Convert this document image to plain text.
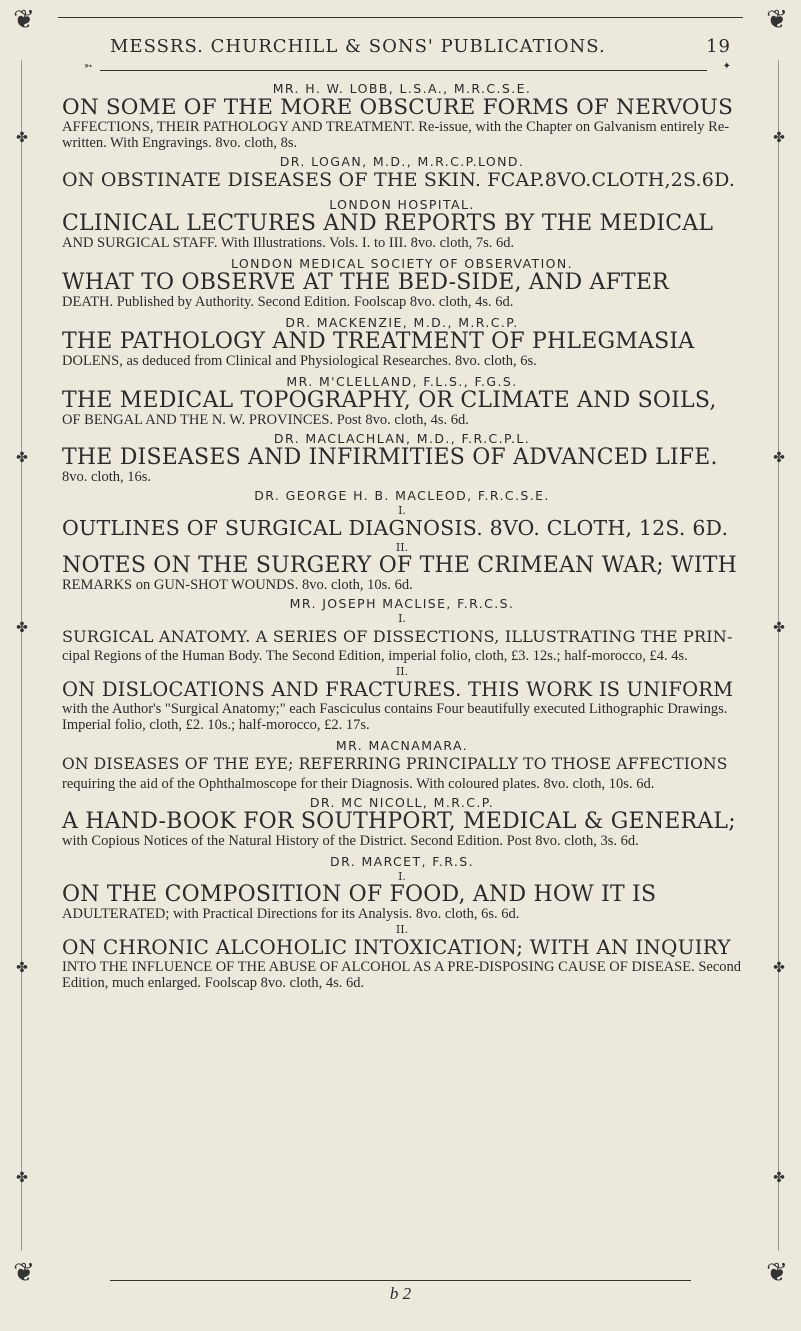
❦	❦
❦	❦
✤
✤
✤
✤
✤
✤
✤
✤
✤
✤
MESSRS. CHURCHILL & SONS' PUBLICATIONS.	19
➳	✦
MR. H. W. LOBB, L.S.A., M.R.C.S.E.
ON SOME OF THE MORE OBSCURE FORMS OF NERVOUS
AFFECTIONS, THEIR PATHOLOGY AND TREATMENT. Re-issue, with the Chapter on Galvanism entirely Re-written. With Engravings. 8vo. cloth, 8s.
DR. LOGAN, M.D., M.R.C.P.LOND.
ON OBSTINATE DISEASES OF THE SKIN. FCAP.8VO.CLOTH,2S.6D.
LONDON HOSPITAL.
CLINICAL LECTURES AND REPORTS BY THE MEDICAL
AND SURGICAL STAFF. With Illustrations. Vols. I. to III. 8vo. cloth, 7s. 6d.
LONDON MEDICAL SOCIETY OF OBSERVATION.
WHAT TO OBSERVE AT THE BED-SIDE, AND AFTER
DEATH. Published by Authority. Second Edition. Foolscap 8vo. cloth, 4s. 6d.
DR. MACKENZIE, M.D., M.R.C.P.
THE PATHOLOGY AND TREATMENT OF PHLEGMASIA
DOLENS, as deduced from Clinical and Physiological Researches. 8vo. cloth, 6s.
MR. M'CLELLAND, F.L.S., F.G.S.
THE MEDICAL TOPOGRAPHY, OR CLIMATE AND SOILS,
OF BENGAL AND THE N. W. PROVINCES. Post 8vo. cloth, 4s. 6d.
DR. MACLACHLAN, M.D., F.R.C.P.L.
THE DISEASES AND INFIRMITIES OF ADVANCED LIFE.
8vo. cloth, 16s.
DR. GEORGE H. B. MACLEOD, F.R.C.S.E.
I.
OUTLINES OF SURGICAL DIAGNOSIS. 8VO. CLOTH, 12S. 6D.
II.
NOTES ON THE SURGERY OF THE CRIMEAN WAR; WITH
REMARKS on GUN-SHOT WOUNDS. 8vo. cloth, 10s. 6d.
MR. JOSEPH MACLISE, F.R.C.S.
I.
SURGICAL ANATOMY. A SERIES OF DISSECTIONS, ILLUSTRATING THE PRIN-
cipal Regions of the Human Body. The Second Edition, imperial folio, cloth, £3. 12s.; half-morocco, £4. 4s.
II.
ON DISLOCATIONS AND FRACTURES. THIS WORK IS UNIFORM
with the Author's "Surgical Anatomy;" each Fasciculus contains Four beautifully executed Lithographic Drawings. Imperial folio, cloth, £2. 10s.; half-morocco, £2. 17s.
MR. MACNAMARA.
ON DISEASES OF THE EYE; REFERRING PRINCIPALLY TO THOSE AFFECTIONS
requiring the aid of the Ophthalmoscope for their Diagnosis. With coloured plates. 8vo. cloth, 10s. 6d.
DR. MC NICOLL, M.R.C.P.
A HAND-BOOK FOR SOUTHPORT, MEDICAL & GENERAL;
with Copious Notices of the Natural History of the District. Second Edition. Post 8vo. cloth, 3s. 6d.
DR. MARCET, F.R.S.
I.
ON THE COMPOSITION OF FOOD, AND HOW IT IS
ADULTERATED; with Practical Directions for its Analysis. 8vo. cloth, 6s. 6d.
II.
ON CHRONIC ALCOHOLIC INTOXICATION; WITH AN INQUIRY
INTO THE INFLUENCE OF THE ABUSE OF ALCOHOL AS A PRE-DISPOSING CAUSE OF DISEASE. Second Edition, much enlarged. Foolscap 8vo. cloth, 4s. 6d.
b 2
